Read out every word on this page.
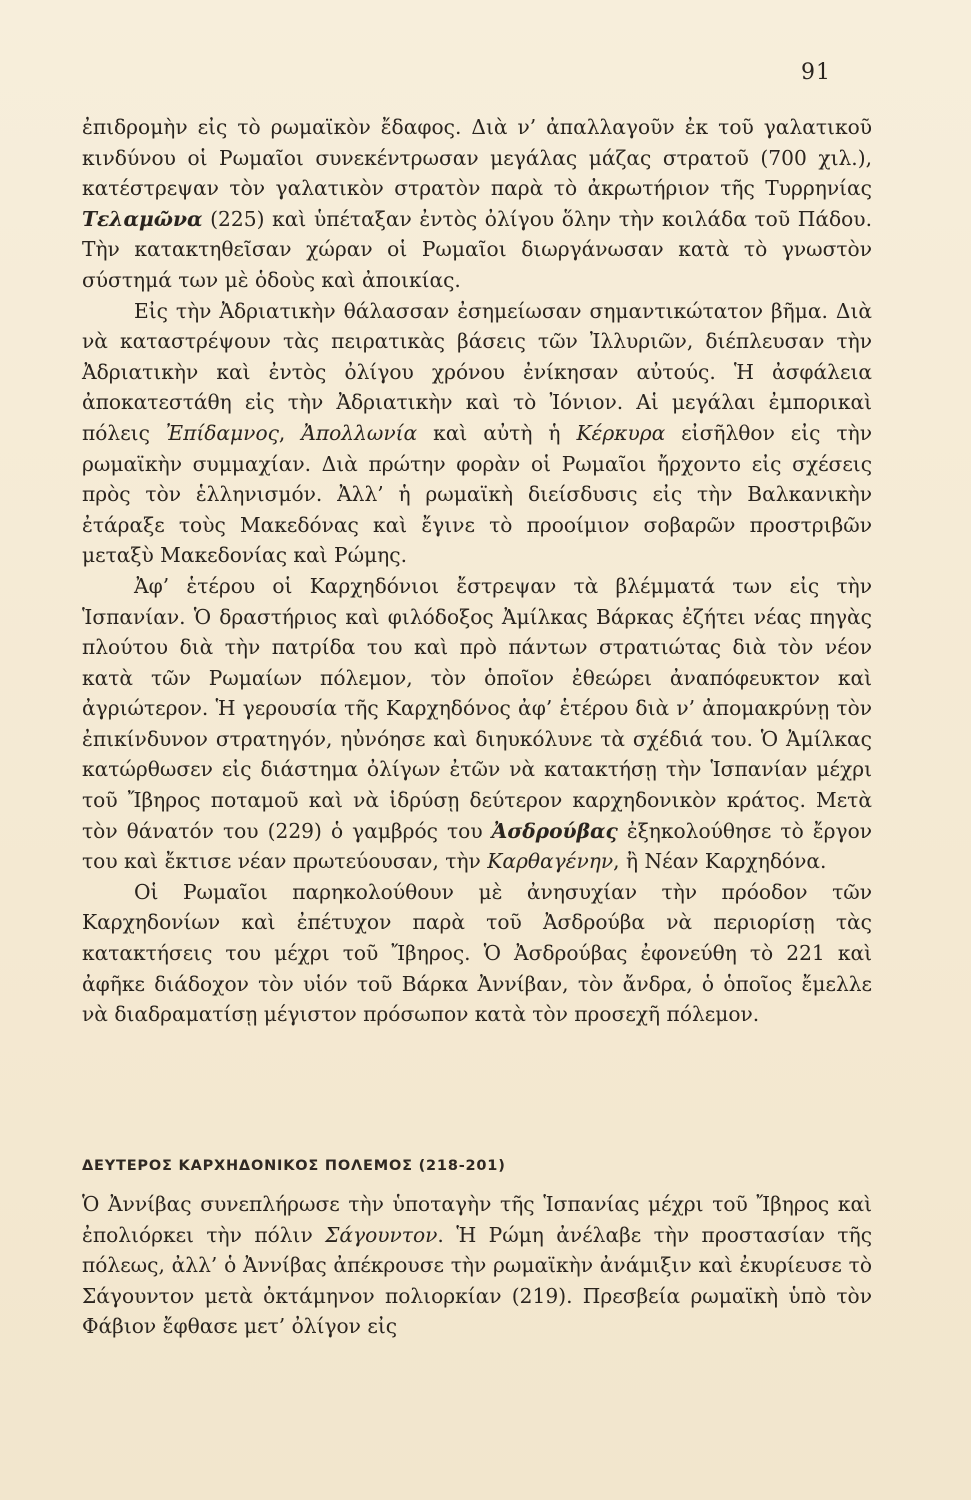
91

ἐπιδρομὴν εἰς τὸ ρωμαϊκὸν ἔδαφος. Διὰ ν’ ἀπαλλαγοῦν ἐκ τοῦ γαλατικοῦ κινδύνου οἱ Ρωμαῖοι συνεκέντρωσαν μεγάλας μάζας στρατοῦ (700 χιλ.), κατέστρεψαν τὸν γαλατικὸν στρατὸν παρὰ τὸ ἀκρωτήριον τῆς Τυρρηνίας Τελαμῶνα (225) καὶ ὑπέταξαν ἐντὸς ὀλίγου ὅλην τὴν κοιλάδα τοῦ Πάδου. Τὴν κατακτηθεῖσαν χώραν οἱ Ρωμαῖοι διωργάνωσαν κατὰ τὸ γνωστὸν σύστημά των μὲ ὁδοὺς καὶ ἀποικίας.

Εἰς τὴν Ἀδριατικὴν θάλασσαν ἐσημείωσαν σημαντικώτατον βῆμα. Διὰ νὰ καταστρέψουν τὰς πειρατικὰς βάσεις τῶν Ἰλλυριῶν, διέπλευσαν τὴν Ἀδριατικὴν καὶ ἐντὸς ὀλίγου χρόνου ἐνίκησαν αὐτούς. Ἡ ἀσφάλεια ἀποκατεστάθη εἰς τὴν Ἀδριατικὴν καὶ τὸ Ἰόνιον. Αἱ μεγάλαι ἐμπορικαὶ πόλεις Ἐπίδαμνος, Ἀπολλωνία καὶ αὐτὴ ἡ Κέρκυρα εἰσῆλθον εἰς τὴν ρωμαϊκὴν συμμαχίαν. Διὰ πρώτην φορὰν οἱ Ρωμαῖοι ἤρχοντο εἰς σχέσεις πρὸς τὸν ἑλληνισμόν. Ἀλλ’ ἡ ρωμαϊκὴ διείσδυσις εἰς τὴν Βαλκανικὴν ἐτάραξε τοὺς Μακεδόνας καὶ ἔγινε τὸ προοίμιον σοβαρῶν προστριβῶν μεταξὺ Μακεδονίας καὶ Ρώμης.

Ἀφ’ ἑτέρου οἱ Καρχηδόνιοι ἔστρεψαν τὰ βλέμματά των εἰς τὴν Ἱσπανίαν. Ὁ δραστήριος καὶ φιλόδοξος Ἀμίλκας Βάρκας ἐζήτει νέας πηγὰς πλούτου διὰ τὴν πατρίδα του καὶ πρὸ πάντων στρατιώτας διὰ τὸν νέον κατὰ τῶν Ρωμαίων πόλεμον, τὸν ὁποῖον ἐθεώρει ἀναπόφευκτον καὶ ἀγριώτερον. Ἡ γερουσία τῆς Καρχηδόνος ἀφ’ ἑτέρου διὰ ν’ ἀπομακρύνῃ τὸν ἐπικίνδυνον στρατηγόν, ηὐνόησε καὶ διηυκόλυνε τὰ σχέδιά του. Ὁ Ἀμίλκας κατώρθωσεν εἰς διάστημα ὀλίγων ἐτῶν νὰ κατακτήσῃ τὴν Ἱσπανίαν μέχρι τοῦ Ἴβηρος ποταμοῦ καὶ νὰ ἱδρύσῃ δεύτερον καρχηδονικὸν κράτος. Μετὰ τὸν θάνατόν του (229) ὁ γαμβρός του Ἀσδρούβας ἐξηκολούθησε τὸ ἔργον του καὶ ἔκτισε νέαν πρωτεύουσαν, τὴν Καρθαγένην, ἢ Νέαν Καρχηδόνα.

Οἱ Ρωμαῖοι παρηκολούθουν μὲ ἀνησυχίαν τὴν πρόοδον τῶν Καρχηδονίων καὶ ἐπέτυχον παρὰ τοῦ Ἀσδρούβα νὰ περιορίσῃ τὰς κατακτήσεις του μέχρι τοῦ Ἴβηρος. Ὁ Ἀσδρούβας ἐφονεύθη τὸ 221 καὶ ἀφῆκε διάδοχον τὸν υἱόν τοῦ Βάρκα Ἀννίβαν, τὸν ἄνδρα, ὁ ὁποῖος ἔμελλε νὰ διαδραματίσῃ μέγιστον πρόσωπον κατὰ τὸν προσεχῆ πόλεμον.

ΔΕΥΤΕΡΟΣ ΚΑΡΧΗΔΟΝΙΚΟΣ ΠΟΛΕΜΟΣ (218-201)

Ὁ Ἀννίβας συνεπλήρωσε τὴν ὑποταγὴν τῆς Ἱσπανίας μέχρι τοῦ Ἴβηρος καὶ ἐπολιόρκει τὴν πόλιν Σάγουντον. Ἡ Ρώμη ἀνέλαβε τὴν προστασίαν τῆς πόλεως, ἀλλ’ ὁ Ἀννίβας ἀπέκρουσε τὴν ρωμαϊκὴν ἀνάμιξιν καὶ ἐκυρίευσε τὸ Σάγουντον μετὰ ὀκτάμηνον πολιορκίαν (219). Πρεσβεία ρωμαϊκὴ ὑπὸ τὸν Φάβιον ἔφθασε μετ’ ὀλίγον εἰς
